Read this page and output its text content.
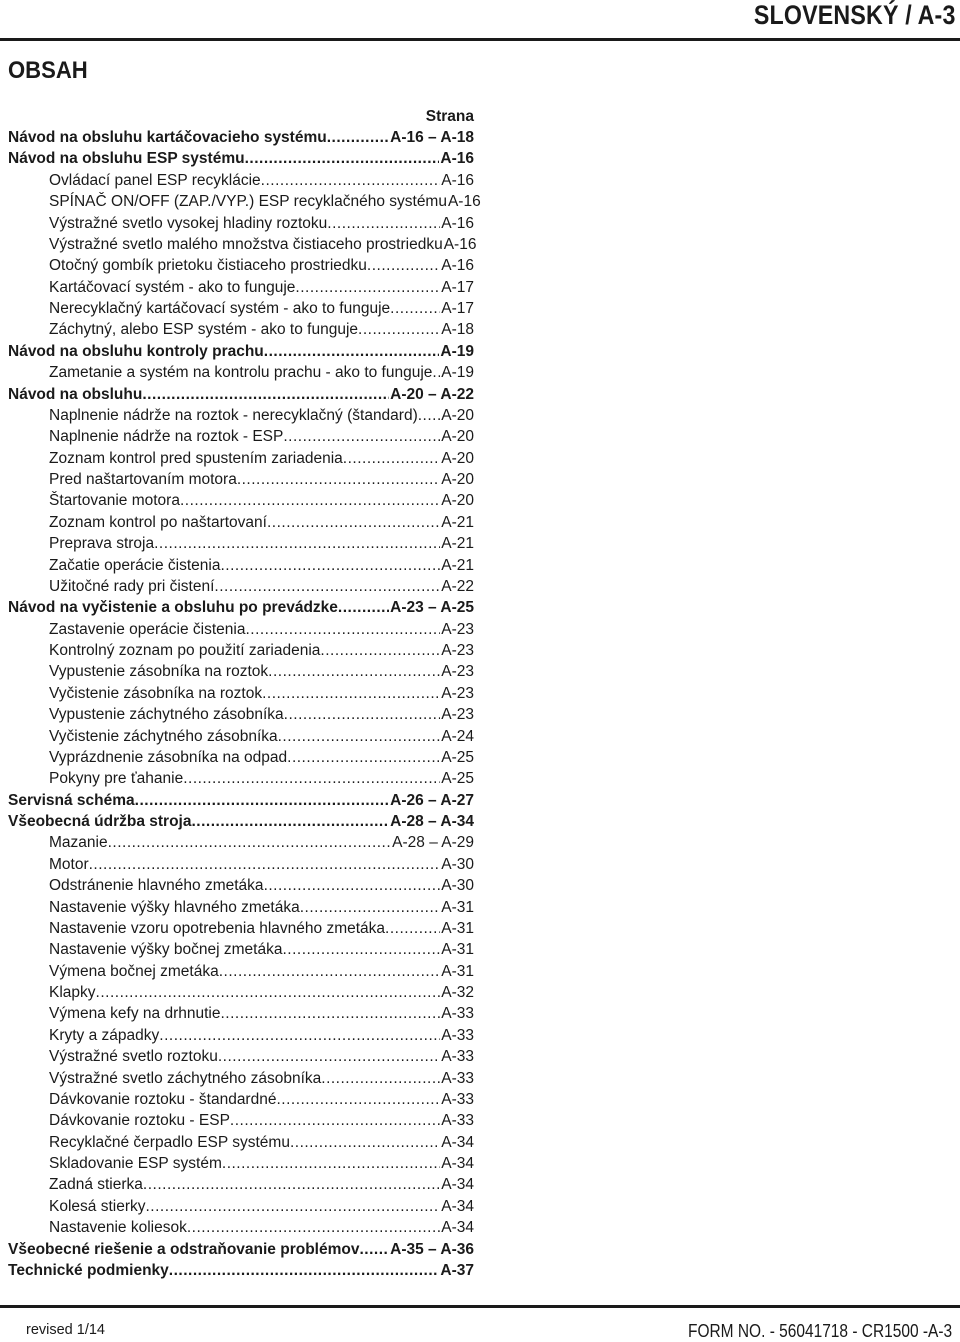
SLOVENSKÝ / A-3
OBSAH
Strana
Návod na obsluhu kartáčovacieho systému .....	A-16 – A-18
Návod na obsluhu ESP systému .....	A-16
Ovládací panel ESP recyklácie .....	A-16
SPÍNAČ ON/OFF (ZAP./VYP.) ESP recyklačného systému A-16
Výstražné svetlo vysokej hladiny roztoku .....	A-16
Výstražné svetlo malého množstva čistiaceho prostriedku A-16
Otočný gombík prietoku čistiaceho prostriedku .....	A-16
Kartáčovací systém - ako to funguje .....	A-17
Nerecyklačný kartáčovací systém - ako to funguje .....	A-17
Záchytný, alebo ESP systém - ako to funguje .....	A-18
Návod na obsluhu kontroly prachu .....	A-19
Zametanie a systém na kontrolu prachu - ako to funguje ..... A-19
Návod na obsluhu .....	A-20 – A-22
Naplnenie nádrže na roztok - nerecyklačný (štandard) ..... A-20
Naplnenie nádrže na roztok - ESP .....	A-20
Zoznam kontrol pred spustením zariadenia .....	A-20
Pred naštartovaním motora .....	A-20
Štartovanie motora .....	A-20
Zoznam kontrol po naštartovaní .....	A-21
Preprava stroja .....	A-21
Začatie operácie čistenia .....	A-21
Užitočné rady pri čistení .....	A-22
Návod na vyčistenie a obsluhu po prevádzke .....	A-23 – A-25
Zastavenie operácie čistenia .....	A-23
Kontrolný zoznam po použití zariadenia .....	A-23
Vypustenie zásobníka na roztok .....	A-23
Vyčistenie zásobníka na roztok .....	A-23
Vypustenie záchytného zásobníka .....	A-23
Vyčistenie záchytného zásobníka .....	A-24
Vyprázdnenie zásobníka na odpad .....	A-25
Pokyny pre ťahanie .....	A-25
Servisná schéma .....	A-26 – A-27
Všeobecná údržba stroja .....	A-28 – A-34
Mazanie .....	A-28 – A-29
Motor .....	A-30
Odstránenie hlavného zmetáka .....	A-30
Nastavenie výšky hlavného zmetáka .....	A-31
Nastavenie vzoru opotrebenia hlavného zmetáka .....	A-31
Nastavenie výšky bočnej zmetáka .....	A-31
Výmena bočnej zmetáka .....	A-31
Klapky .....	A-32
Výmena kefy na drhnutie .....	A-33
Kryty a západky .....	A-33
Výstražné svetlo roztoku .....	A-33
Výstražné svetlo záchytného zásobníka .....	A-33
Dávkovanie roztoku - štandardné .....	A-33
Dávkovanie roztoku - ESP .....	A-33
Recyklačné čerpadlo ESP systému .....	A-34
Skladovanie ESP systém .....	A-34
Zadná stierka .....	A-34
Kolesá stierky .....	A-34
Nastavenie koliesok .....	A-34
Všeobecné riešenie a odstraňovanie problémov ..... A-35 – A-36
Technické podmienky .....	A-37
revised 1/14	FORM NO. - 56041718 - CR1500 -A-3
